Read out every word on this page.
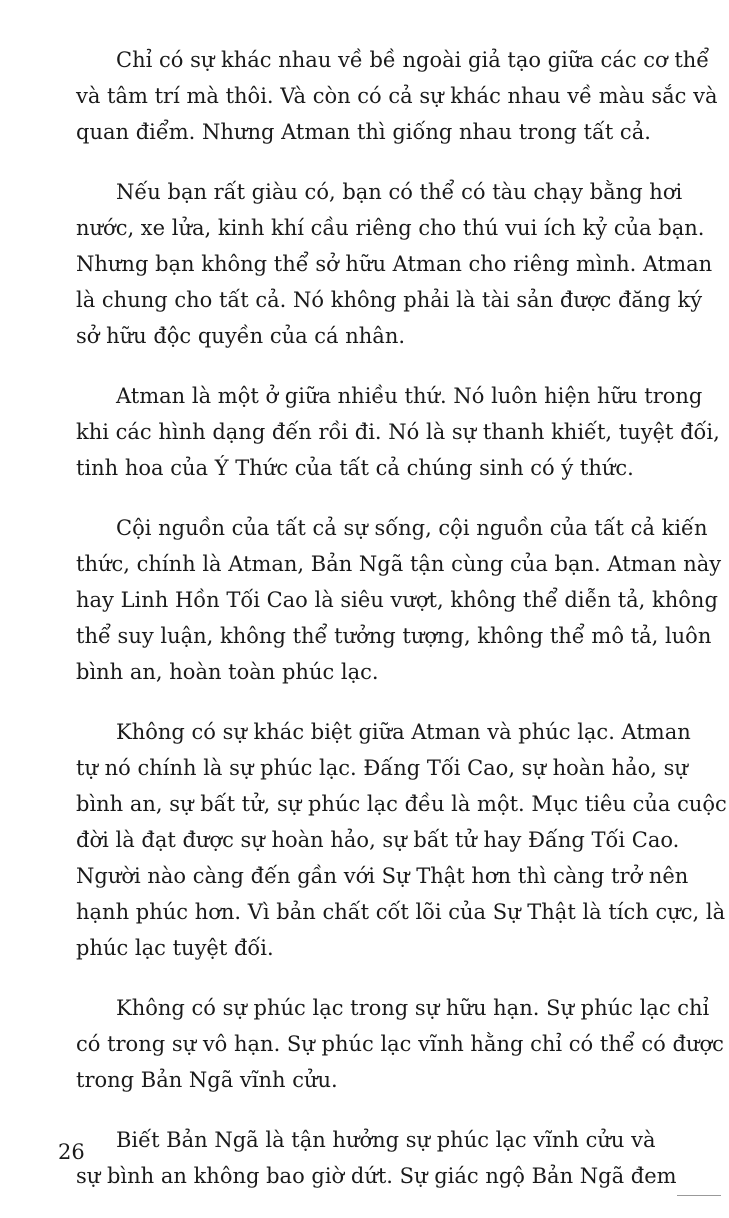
Chỉ có sự khác nhau về bề ngoài giả tạo giữa các cơ thể
và tâm trí mà thôi. Và còn có cả sự khác nhau về màu sắc và
quan điểm. Nhưng Atman thì giống nhau trong tất cả.

Nếu bạn rất giàu có, bạn có thể có tàu chạy bằng hơi
nước, xe lửa, kinh khí cầu riêng cho thú vui ích kỷ của bạn.
Nhưng bạn không thể sở hữu Atman cho riêng mình. Atman
là chung cho tất cả. Nó không phải là tài sản được đăng ký
sở hữu độc quyền của cá nhân.

Atman là một ở giữa nhiều thứ. Nó luôn hiện hữu trong
khi các hình dạng đến rồi đi. Nó là sự thanh khiết, tuyệt đối,
tinh hoa của Ý Thức của tất cả chúng sinh có ý thức.

Cội nguồn của tất cả sự sống, cội nguồn của tất cả kiến
thức, chính là Atman, Bản Ngã tận cùng của bạn. Atman này
hay Linh Hồn Tối Cao là siêu vượt, không thể diễn tả, không
thể suy luận, không thể tưởng tượng, không thể mô tả, luôn
bình an, hoàn toàn phúc lạc.

Không có sự khác biệt giữa Atman và phúc lạc. Atman
tự nó chính là sự phúc lạc. Đấng Tối Cao, sự hoàn hảo, sự
bình an, sự bất tử, sự phúc lạc đều là một. Mục tiêu của cuộc
đời là đạt được sự hoàn hảo, sự bất tử hay Đấng Tối Cao.
Người nào càng đến gần với Sự Thật hơn thì càng trở nên
hạnh phúc hơn. Vì bản chất cốt lõi của Sự Thật là tích cực, là
phúc lạc tuyệt đối.

Không có sự phúc lạc trong sự hữu hạn. Sự phúc lạc chỉ
có trong sự vô hạn. Sự phúc lạc vĩnh hằng chỉ có thể có được
trong Bản Ngã vĩnh cửu.

Biết Bản Ngã là tận hưởng sự phúc lạc vĩnh cửu và
sự bình an không bao giờ dứt. Sự giác ngộ Bản Ngã đem

26
